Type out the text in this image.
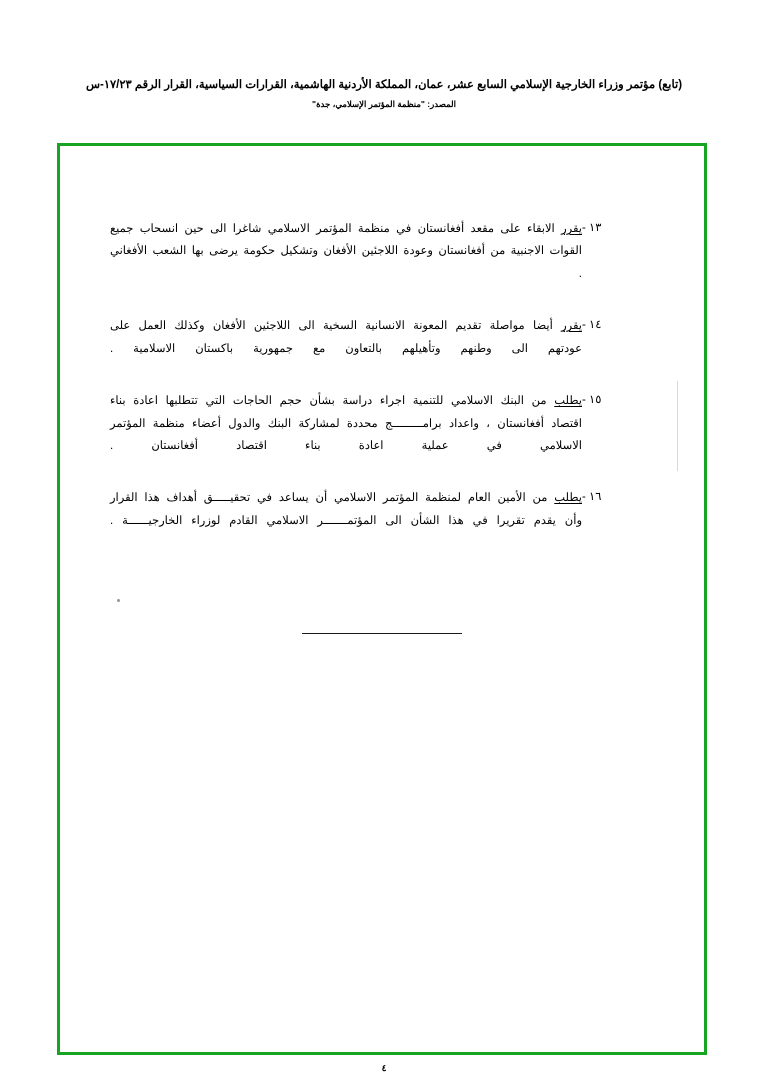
(تابع) مؤتمر وزراء الخارجية الإسلامي السابع عشر، عمان، المملكة الأردنية الهاشمية، القرارات السياسية، القرار الرقم ١٧/٢٣-س
المصدر: "منظمة المؤتمر الإسلامي، جدة"
١٣ -
يقرر الابقاء على مقعد أفغانستان في منظمة المؤتمر الاسلامي شاغرا الى حين انسحاب جميع القوات الاجنبية من أفغانستان وعودة اللاجئين الأفغان وتشكيل حكومة يرضى بها الشعب الأفغاني .
١٤ -
يقرر أيضا مواصلة تقديم المعونة الانسانية السخية الى اللاجئين الأفغان وكذلك العمل على عودتهم الى وطنهم وتأهيلهم بالتعاون مع جمهورية باكستان الاسلامية .
١٥ -
يطلب من البنك الاسلامي للتنمية اجراء دراسة بشأن حجم الحاجات التي تتطلبها اعادة بناء اقتصاد أفغانستان ، واعداد برامـــــــــج محددة لمشاركة البنك والدول أعضاء منظمة المؤتمر الاسلامي في عملية اعادة بناء اقتصاد أفغانستان .
١٦ -
يطلب من الأمين العام لمنظمة المؤتمر الاسلامي أن يساعد في تحقيـــــق أهداف هذا القرار وأن يقدم تقريرا في هذا الشأن الى المؤتمـــــــر الاسلامي القادم لوزراء الخارجيــــــة .
٤
